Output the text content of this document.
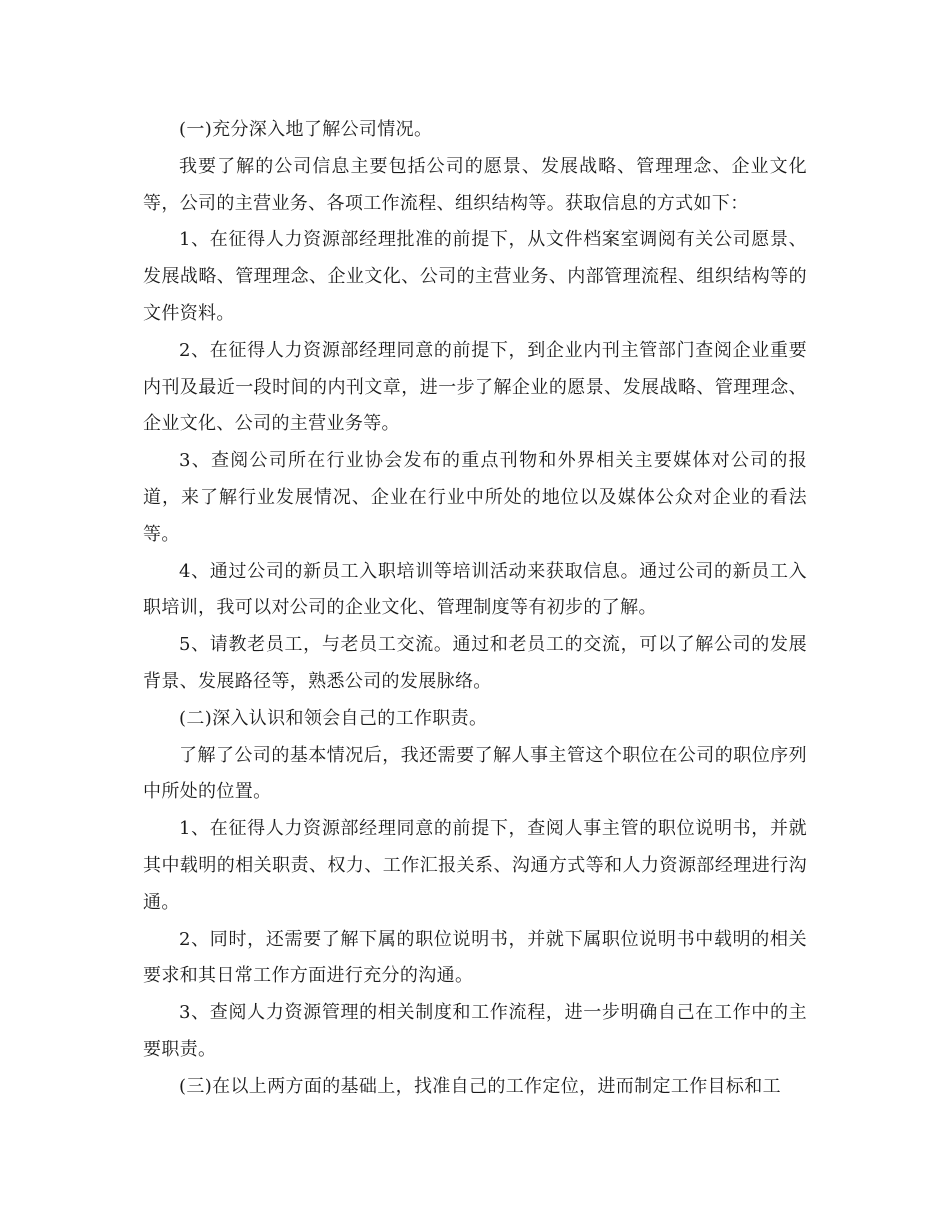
(一)充分深入地了解公司情况。

我要了解的公司信息主要包括公司的愿景、发展战略、管理理念、企业文化等，公司的主营业务、各项工作流程、组织结构等。获取信息的方式如下：

1、在征得人力资源部经理批准的前提下，从文件档案室调阅有关公司愿景、发展战略、管理理念、企业文化、公司的主营业务、内部管理流程、组织结构等的文件资料。

2、在征得人力资源部经理同意的前提下，到企业内刊主管部门查阅企业重要内刊及最近一段时间的内刊文章，进一步了解企业的愿景、发展战略、管理理念、企业文化、公司的主营业务等。

3、查阅公司所在行业协会发布的重点刊物和外界相关主要媒体对公司的报道，来了解行业发展情况、企业在行业中所处的地位以及媒体公众对企业的看法等。

4、通过公司的新员工入职培训等培训活动来获取信息。通过公司的新员工入职培训，我可以对公司的企业文化、管理制度等有初步的了解。

5、请教老员工，与老员工交流。通过和老员工的交流，可以了解公司的发展背景、发展路径等，熟悉公司的发展脉络。

(二)深入认识和领会自己的工作职责。

了解了公司的基本情况后，我还需要了解人事主管这个职位在公司的职位序列中所处的位置。

1、在征得人力资源部经理同意的前提下，查阅人事主管的职位说明书，并就其中载明的相关职责、权力、工作汇报关系、沟通方式等和人力资源部经理进行沟通。

2、同时，还需要了解下属的职位说明书，并就下属职位说明书中载明的相关要求和其日常工作方面进行充分的沟通。

3、查阅人力资源管理的相关制度和工作流程，进一步明确自己在工作中的主要职责。

(三)在以上两方面的基础上，找准自己的工作定位，进而制定工作目标和工
